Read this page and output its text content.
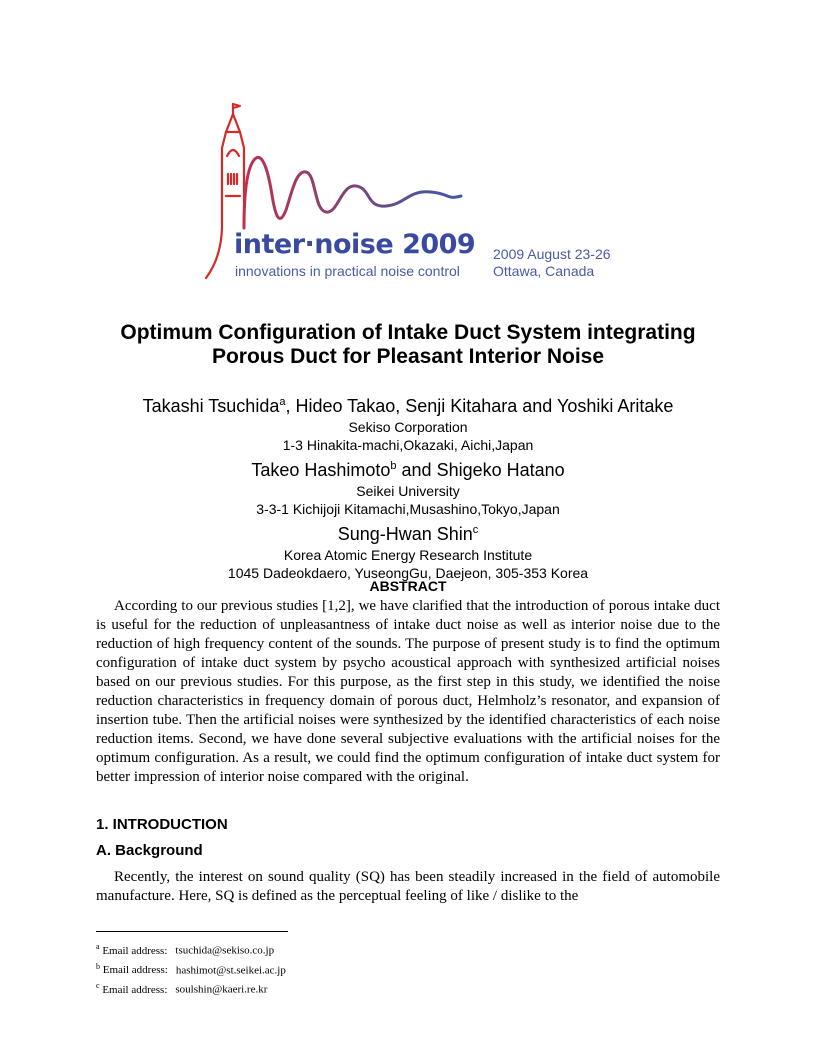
inter·noise 2009
innovations in practical noise control
2009 August 23-26
Ottawa, Canada
Optimum Configuration of Intake Duct System integrating
Porous Duct for Pleasant Interior Noise
Takashi Tsuchida$^a$, Hideo Takao, Senji Kitahara and Yoshiki Aritake
Sekiso Corporation
1-3 Hinakita-machi,Okazaki, Aichi,Japan
Takeo Hashimoto$^b$ and Shigeko Hatano
Seikei University
3-3-1 Kichijoji Kitamachi,Musashino,Tokyo,Japan
Sung-Hwan Shin$^c$
Korea Atomic Energy Research Institute
1045 Dadeokdaero, YuseongGu, Daejeon, 305-353 Korea
ABSTRACT

According to our previous studies [1,2], we have clarified that the introduction of porous intake duct is useful for the reduction of unpleasantness of intake duct noise as well as interior noise due to the reduction of high frequency content of the sounds. The purpose of present study is to find the optimum configuration of intake duct system by psycho acoustical approach with synthesized artificial noises based on our previous studies. For this purpose, as the first step in this study, we identified the noise reduction characteristics in frequency domain of porous duct, Helmholz’s resonator, and expansion of insertion tube. Then the artificial noises were synthesized by the identified characteristics of each noise reduction items. Second, we have done several subjective evaluations with the artificial noises for the optimum configuration. As a result, we could find the optimum configuration of intake duct system for better impression of interior noise compared with the original.

1. INTRODUCTION
A. Background

Recently, the interest on sound quality (SQ) has been steadily increased in the field of automobile manufacture. Here, SQ is defined as the perceptual feeling of like / dislike to the

$^a$ Email address: tsuchida@sekiso.co.jp
$^b$ Email address: hashimot@st.seikei.ac.jp
$^c$ Email address: soulshin@kaeri.re.kr
